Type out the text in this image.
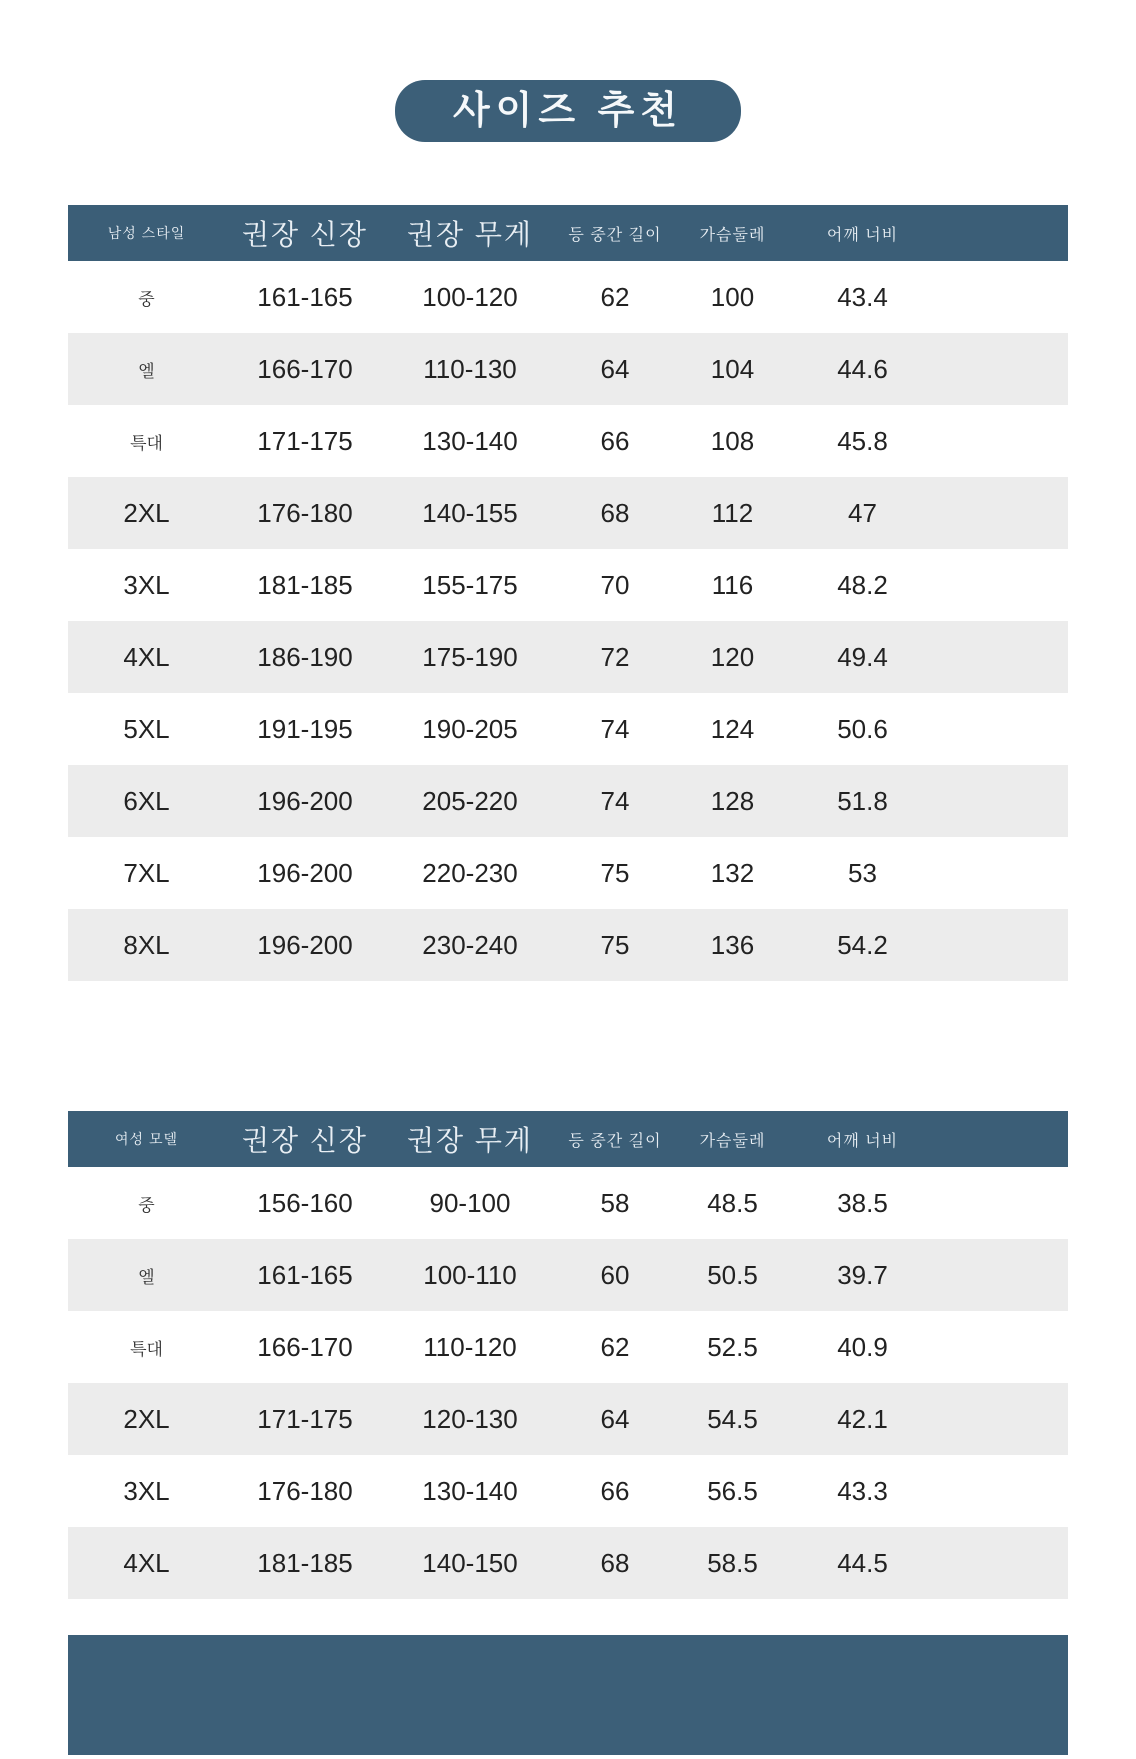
사이즈 추천
남성 스타일	권장 신장	권장 무게	등 중간 길이	가슴둘레	어깨 너비
중	161-165	100-120	62	100	43.4
엘	166-170	110-130	64	104	44.6
특대	171-175	130-140	66	108	45.8
2XL	176-180	140-155	68	112	47
3XL	181-185	155-175	70	116	48.2
4XL	186-190	175-190	72	120	49.4
5XL	191-195	190-205	74	124	50.6
6XL	196-200	205-220	74	128	51.8
7XL	196-200	220-230	75	132	53
8XL	196-200	230-240	75	136	54.2
여성 모델	권장 신장	권장 무게	등 중간 길이	가슴둘레	어깨 너비
중	156-160	90-100	58	48.5	38.5
엘	161-165	100-110	60	50.5	39.7
특대	166-170	110-120	62	52.5	40.9
2XL	171-175	120-130	64	54.5	42.1
3XL	176-180	130-140	66	56.5	43.3
4XL	181-185	140-150	68	58.5	44.5
